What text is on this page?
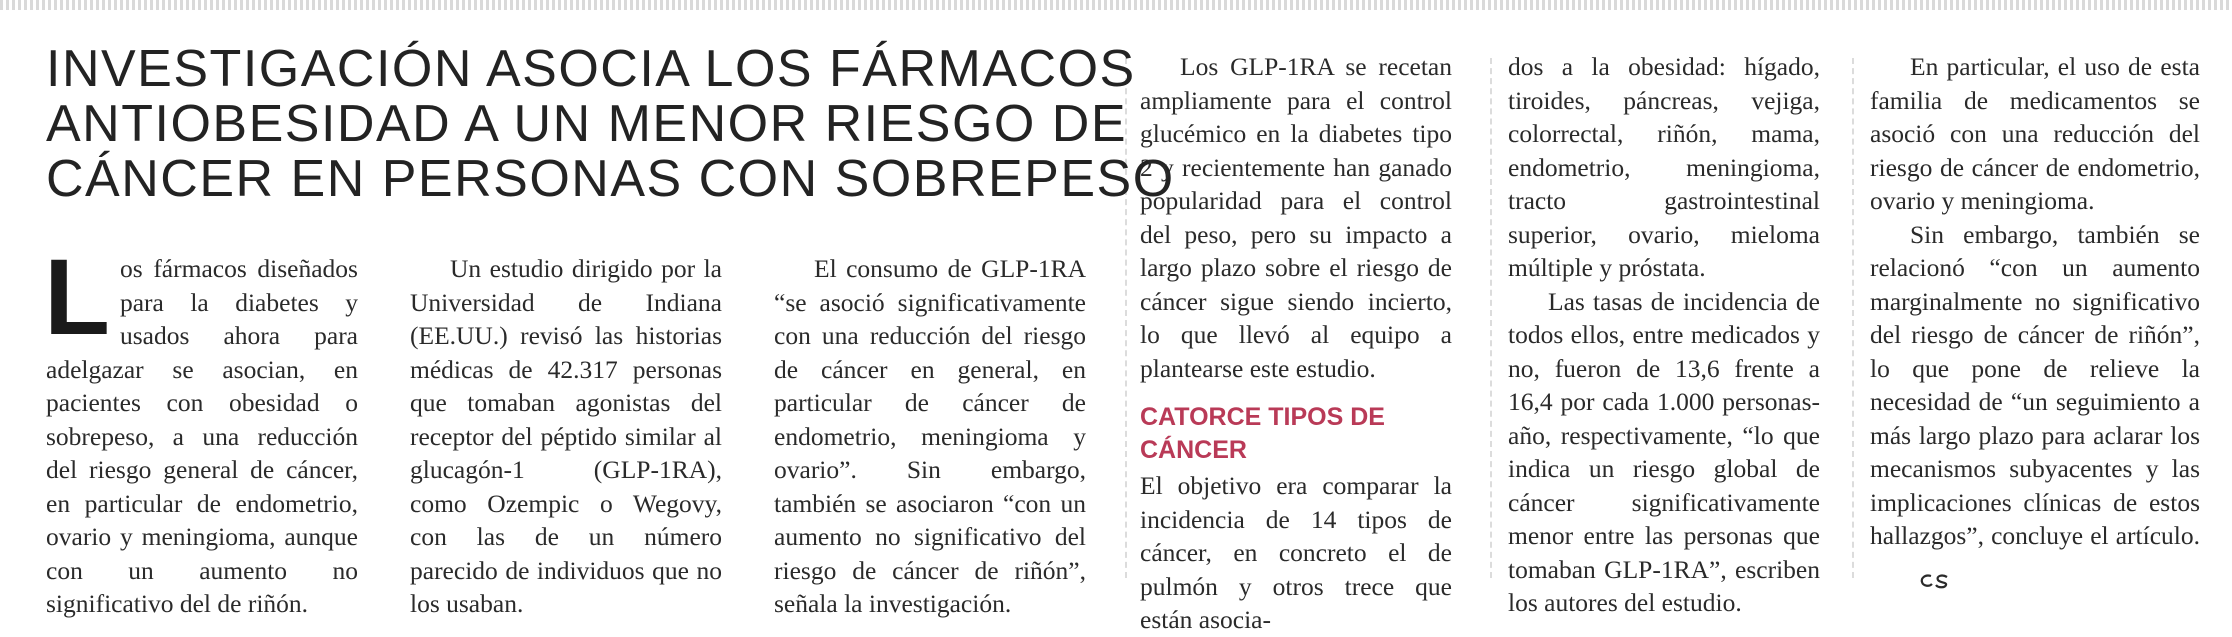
INVESTIGACIÓN ASOCIA LOS FÁRMACOS
ANTIOBESIDAD A UN MENOR RIESGO DE
CÁNCER EN PERSONAS CON SOBREPESO

Los fármacos diseñados para la diabetes y usados ahora para adelgazar se asocian, en pacientes con obesidad o sobrepeso, a una reducción del riesgo general de cáncer, en particular de endometrio, ovario y meningioma, aunque con un aumento no significativo del de riñón.

Un estudio dirigido por la Universidad de Indiana (EE.UU.) revisó las historias médicas de 42.317 personas que tomaban agonistas del receptor del péptido similar al glucagón-1 (GLP-1RA), como Ozempic o Wegovy, con las de un número parecido de individuos que no los usaban.

El consumo de GLP-1RA “se asoció significativamente con una reducción del riesgo de cáncer en general, en particular de cáncer de endometrio, meningioma y ovario”. Sin embargo, también se asociaron “con un aumento no significativo del riesgo de cáncer de riñón”, señala la investigación.

Los GLP-1RA se recetan ampliamente para el control glucémico en la diabetes tipo 2 y recientemente han ganado popularidad para el control del peso, pero su impacto a largo plazo sobre el riesgo de cáncer sigue siendo incierto, lo que llevó al equipo a plantearse este estudio.

CATORCE TIPOS DE CÁNCER

El objetivo era comparar la incidencia de 14 tipos de cáncer, en concreto el de pulmón y otros trece que están asocia-

dos a la obesidad: hígado, tiroides, páncreas, vejiga, colorrectal, riñón, mama, endometrio, meningioma, tracto gastrointestinal superior, ovario, mieloma múltiple y próstata.

Las tasas de incidencia de todos ellos, entre medicados y no, fueron de 13,6 frente a 16,4 por cada 1.000 personas-año, respectivamente, “lo que indica un riesgo global de cáncer significativamente menor entre las personas que tomaban GLP-1RA”, escriben los autores del estudio.

En particular, el uso de esta familia de medicamentos se asoció con una reducción del riesgo de cáncer de endometrio, ovario y meningioma.

Sin embargo, también se relacionó “con un aumento marginalmente no significativo del riesgo de cáncer de riñón”, lo que pone de relieve la necesidad de “un seguimiento a más largo plazo para aclarar los mecanismos subyacentes y las implicaciones clínicas de estos hallazgos”, concluye el artículo.
